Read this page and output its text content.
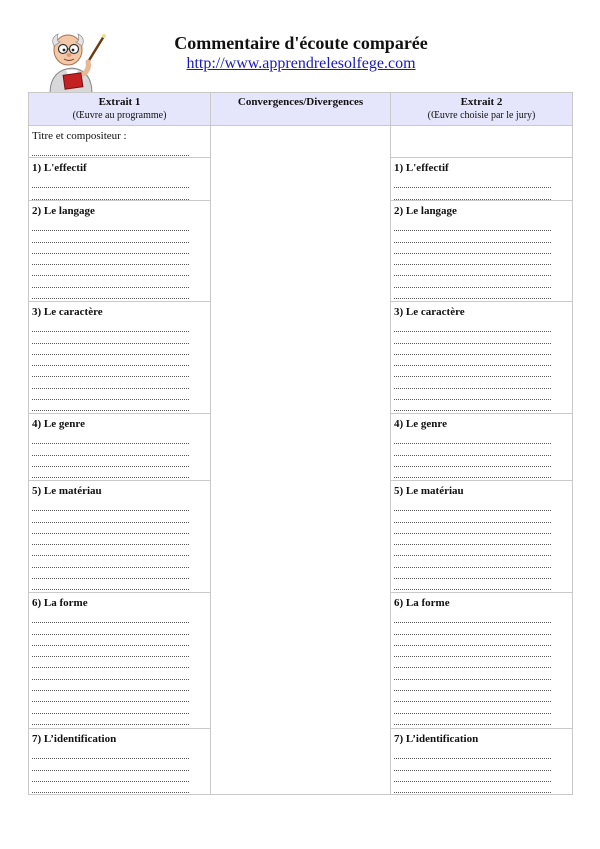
Commentaire d'écoute comparée
http://www.apprendrelesolfege.com
Extrait 1
(Œuvre au programme)
Titre et compositeur :
1) L'effectif
2) Le langage
3) Le caractère
4) Le genre
5) Le matériau
6) La forme
7) L’identification
Convergences/Divergences	Extrait 2
(Œuvre choisie par le jury)
1) L'effectif
2) Le langage
3) Le caractère
4) Le genre
5) Le matériau
6) La forme
7) L’identification
